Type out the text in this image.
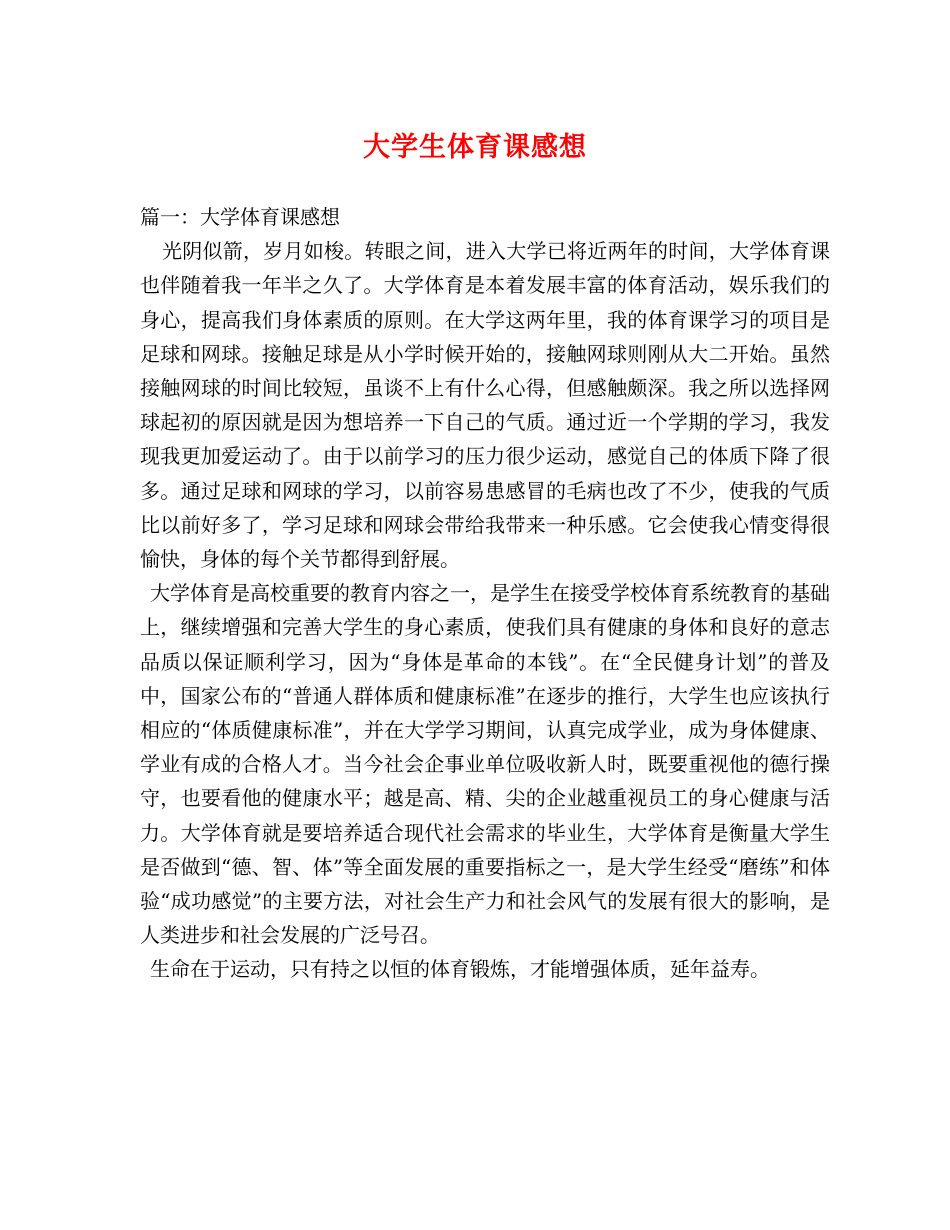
大学生体育课感想

篇一：大学体育课感想

光阴似箭，岁月如梭。转眼之间，进入大学已将近两年的时间，大学体育课也伴随着我一年半之久了。大学体育是本着发展丰富的体育活动，娱乐我们的身心，提高我们身体素质的原则。在大学这两年里，我的体育课学习的项目是足球和网球。接触足球是从小学时候开始的，接触网球则刚从大二开始。虽然接触网球的时间比较短，虽谈不上有什么心得，但感触颇深。我之所以选择网球起初的原因就是因为想培养一下自己的气质。通过近一个学期的学习，我发现我更加爱运动了。由于以前学习的压力很少运动，感觉自己的体质下降了很多。通过足球和网球的学习，以前容易患感冒的毛病也改了不少，使我的气质比以前好多了，学习足球和网球会带给我带来一种乐感。它会使我心情变得很愉快，身体的每个关节都得到舒展。

大学体育是高校重要的教育内容之一，是学生在接受学校体育系统教育的基础上，继续增强和完善大学生的身心素质，使我们具有健康的身体和良好的意志品质以保证顺利学习，因为“身体是革命的本钱”。在“全民健身计划”的普及中，国家公布的“普通人群体质和健康标准”在逐步的推行，大学生也应该执行相应的“体质健康标准”，并在大学学习期间，认真完成学业，成为身体健康、学业有成的合格人才。当今社会企事业单位吸收新人时，既要重视他的德行操守，也要看他的健康水平；越是高、精、尖的企业越重视员工的身心健康与活力。大学体育就是要培养适合现代社会需求的毕业生，大学体育是衡量大学生是否做到“德、智、体”等全面发展的重要指标之一，是大学生经受“磨练”和体验“成功感觉”的主要方法，对社会生产力和社会风气的发展有很大的影响，是人类进步和社会发展的广泛号召。

生命在于运动，只有持之以恒的体育锻炼，才能增强体质，延年益寿。
